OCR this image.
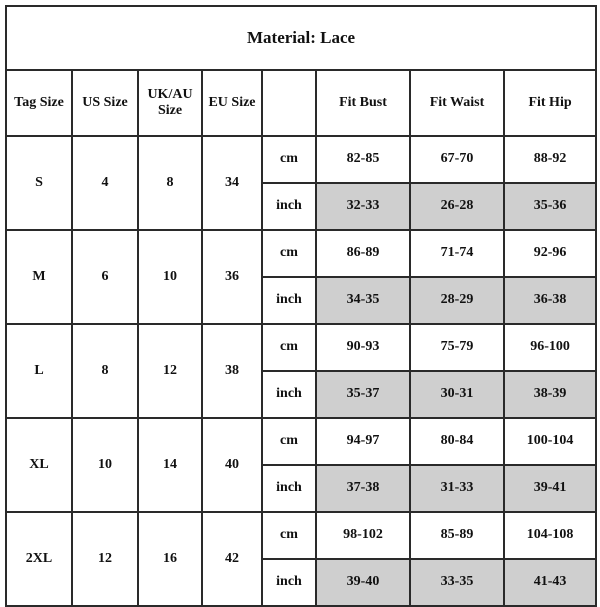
Material: Lace							
Tag Size	US Size	UK/AU Size	EU Size		Fit Bust	Fit Waist	Fit Hip
S	4	8	34	cm	82-85	67-70	88-92
				inch	32-33	26-28	35-36
M	6	10	36	cm	86-89	71-74	92-96
				inch	34-35	28-29	36-38
L	8	12	38	cm	90-93	75-79	96-100
				inch	35-37	30-31	38-39
XL	10	14	40	cm	94-97	80-84	100-104
				inch	37-38	31-33	39-41
2XL	12	16	42	cm	98-102	85-89	104-108
				inch	39-40	33-35	41-43
